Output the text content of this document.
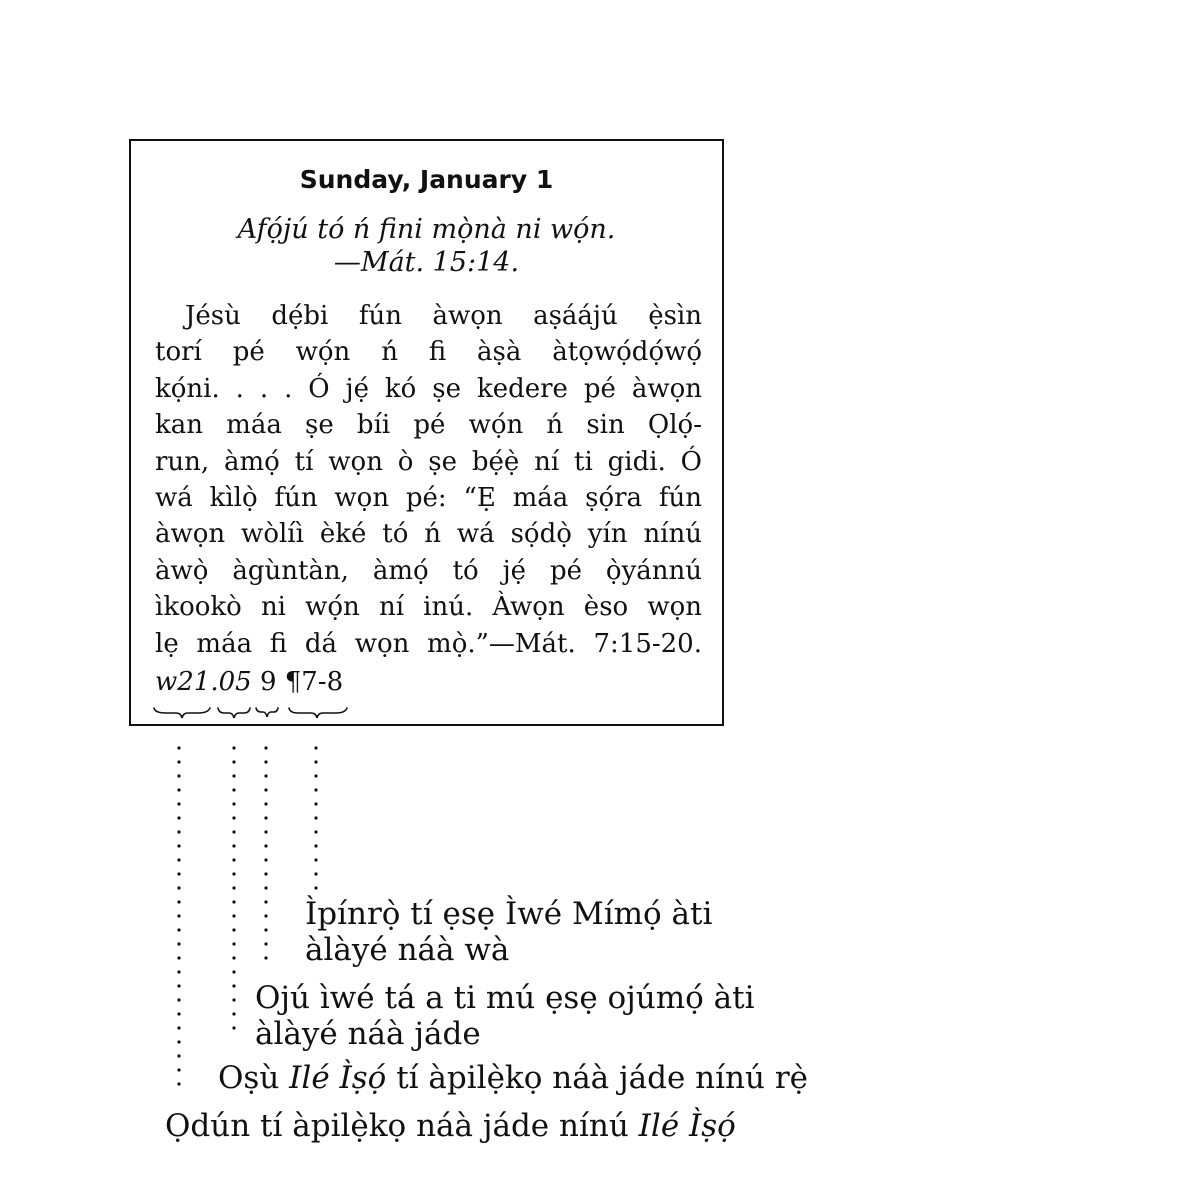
Sunday, January 1
Afọ́jú tó ń fini mọ̀nà ni wọ́n.
—Mát. 15:14.
Jésù dẹ́bi fún àwọn aṣáájú ẹ̀sìn
torí pé wọ́n ń fi àṣà àtọwọ́dọ́wọ́
kọ́ni. . . . Ó jẹ́ kó ṣe kedere pé àwọn
kan máa ṣe bíi pé wọ́n ń sin Ọlọ́-
run, àmọ́ tí wọn ò ṣe bẹ́ẹ̀ ní ti gidi. Ó
wá kìlọ̀ fún wọn pé: “Ẹ máa ṣọ́ra fún
àwọn wòlíì èké tó ń wá sọ́dọ̀ yín nínú
àwọ̀ àgùntàn, àmọ́ tó jẹ́ pé ọ̀yánnú
ìkookò ni wọ́n ní inú. Àwọn èso wọn
lẹ máa fi dá wọn mọ̀.”—Mát. 7:15-20.
w21.05 9 ¶7-8
Ìpínrọ̀ tí ẹsẹ Ìwé Mímọ́ àti
àlàyé náà wà
Ojú ìwé tá a ti mú ẹsẹ ojúmọ́ àti
àlàyé náà jáde
Oṣù Ilé Ìṣọ́ tí àpilẹ̀kọ náà jáde nínú rẹ̀
Ọdún tí àpilẹ̀kọ náà jáde nínú Ilé Ìṣọ́
